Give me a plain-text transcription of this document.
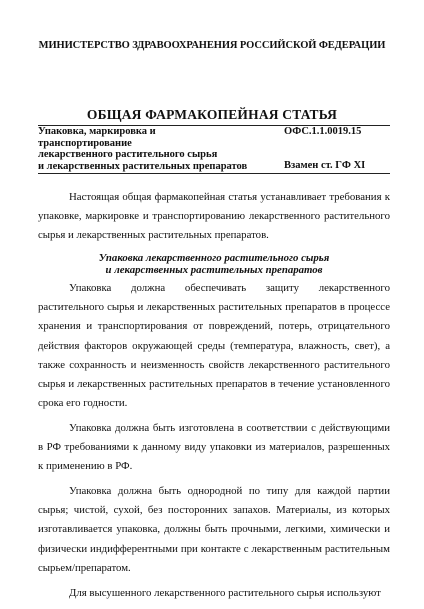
МИНИСТЕРСТВО ЗДРАВООХРАНЕНИЯ РОССИЙСКОЙ ФЕДЕРАЦИИ
ОБЩАЯ ФАРМАКОПЕЙНАЯ СТАТЬЯ
Упаковка, маркировка и
транспортирование
лекарственного растительного сырья
и лекарственных растительных препаратов
ОФС.1.1.0019.15
Взамен ст. ГФ XI

Настоящая общая фармакопейная статья устанавливает требования к упаковке, маркировке и транспортированию лекарственного растительного сырья и лекарственных растительных препаратов.

Упаковка лекарственного растительного сырья
и лекарственных растительных препаратов

Упаковка должна обеспечивать защиту лекарственного растительного сырья и лекарственных растительных препаратов в процессе хранения и транспортирования от повреждений, потерь, отрицательного действия факторов окружающей среды (температура, влажность, свет), а также сохранность и неизменность свойств лекарственного растительного сырья и лекарственных растительных препаратов в течение установленного срока его годности.

Упаковка должна быть изготовлена в соответствии с действующими в РФ требованиями к данному виду упаковки из материалов, разрешенных к применению в РФ.

Упаковка должна быть однородной по типу для каждой партии сырья; чистой, сухой, без посторонних запахов. Материалы, из которых изготавливается упаковка, должны быть прочными, легкими, химически и физически индифферентными при контакте с лекарственным растительным сырьем/препаратом.

Для высушенного лекарственного растительного сырья используют
